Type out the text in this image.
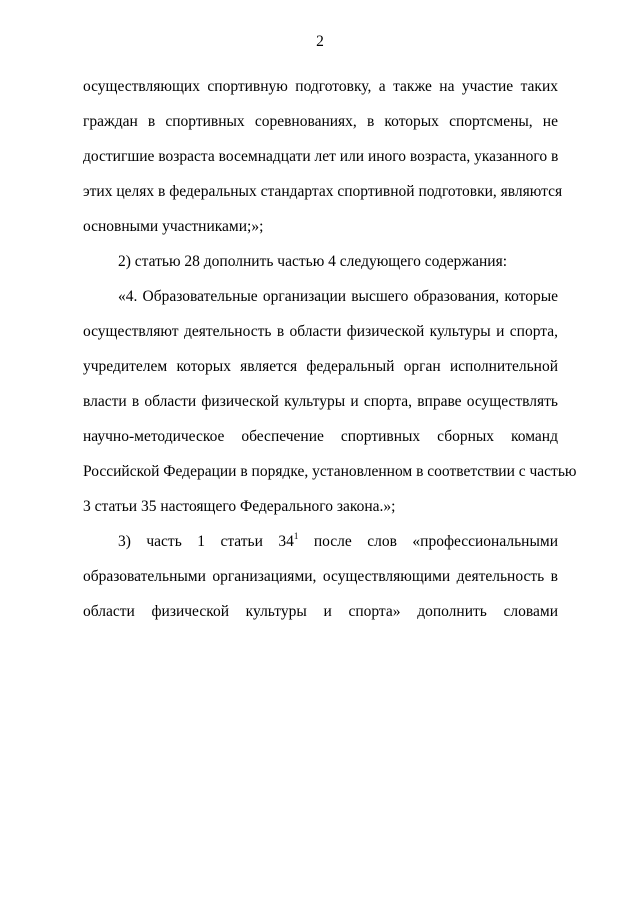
2
осуществляющих спортивную подготовку, а также на участие таких
граждан в спортивных соревнованиях, в которых спортсмены, не
достигшие возраста восемнадцати лет или иного возраста, указанного в
этих целях в федеральных стандартах спортивной подготовки, являются
основными участниками;»;
2) статью 28 дополнить частью 4 следующего содержания:
«4. Образовательные организации высшего образования, которые
осуществляют деятельность в области физической культуры и спорта,
учредителем которых является федеральный орган исполнительной
власти в области физической культуры и спорта, вправе осуществлять
научно-методическое обеспечение спортивных сборных команд
Российской Федерации в порядке, установленном в соответствии с частью
3 статьи 35 настоящего Федерального закона.»;
3) часть 1 статьи $34^1$ после слов «профессиональными
образовательными организациями, осуществляющими деятельность в
области физической культуры и спорта» дополнить словами
